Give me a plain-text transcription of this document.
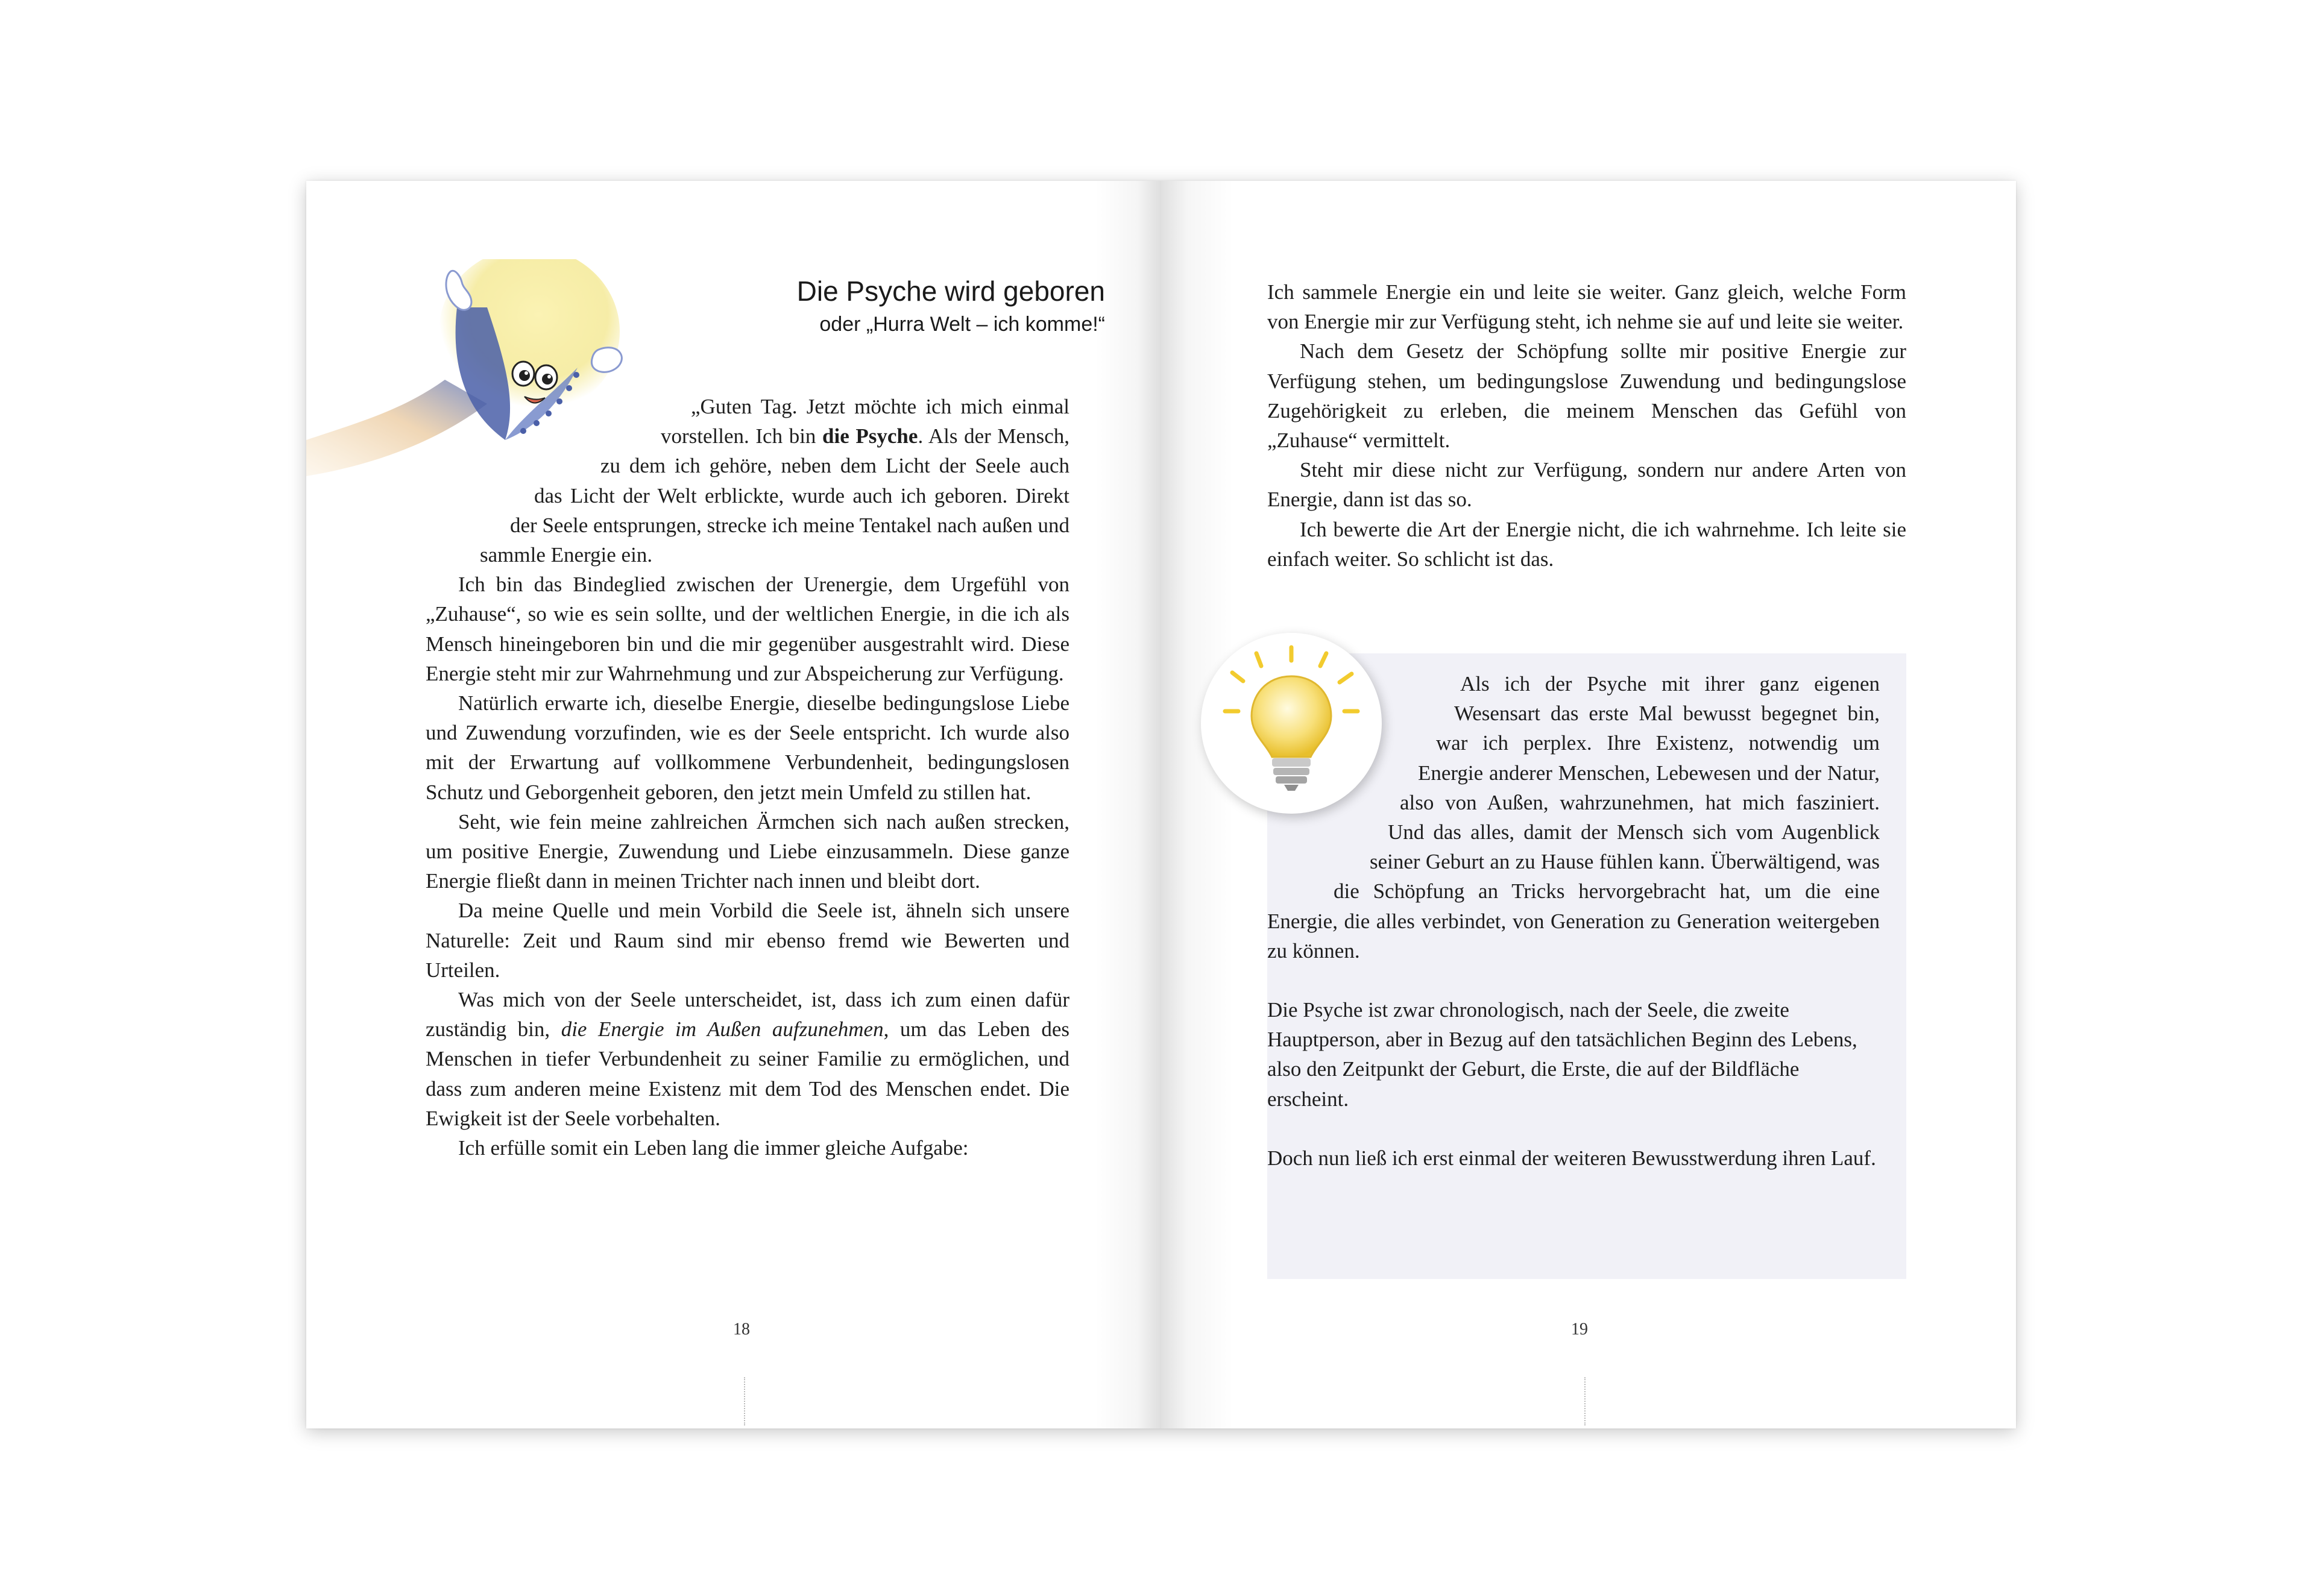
Die Psyche wird geboren
oder „Hurra Welt – ich komme!“

„Guten Tag. Jetzt möchte ich mich einmal vorstellen. Ich bin die Psyche. Als der Mensch, zu dem ich gehöre, neben dem Licht der Seele auch das Licht der Welt erblickte, wurde auch ich geboren. Direkt der Seele entsprungen, strecke ich meine Tentakel nach außen und sammle Energie ein.

Ich bin das Bindeglied zwischen der Urenergie, dem Urgefühl von „Zuhause“, so wie es sein sollte, und der weltlichen Energie, in die ich als Mensch hineingeboren bin und die mir gegenüber ausgestrahlt wird. Diese Energie steht mir zur Wahrnehmung und zur Abspeicherung zur Verfügung.

Natürlich erwarte ich, dieselbe Energie, dieselbe bedingungslose Liebe und Zuwendung vorzufinden, wie es der Seele entspricht. Ich wurde also mit der Erwartung auf vollkommene Verbundenheit, bedingungslosen Schutz und Geborgenheit geboren, den jetzt mein Umfeld zu stillen hat.

Seht, wie fein meine zahlreichen Ärmchen sich nach außen strecken, um positive Energie, Zuwendung und Liebe einzusammeln. Diese ganze Energie fließt dann in meinen Trichter nach innen und bleibt dort.

Da meine Quelle und mein Vorbild die Seele ist, ähneln sich unsere Naturelle: Zeit und Raum sind mir ebenso fremd wie Bewerten und Urteilen.

Was mich von der Seele unterscheidet, ist, dass ich zum einen dafür zuständig bin, die Energie im Außen aufzunehmen, um das Leben des Menschen in tiefer Verbundenheit zu seiner Familie zu ermöglichen, und dass zum anderen meine Existenz mit dem Tod des Menschen endet. Die Ewigkeit ist der Seele vorbehalten.

Ich erfülle somit ein Leben lang die immer gleiche Aufgabe:

18

Ich sammele Energie ein und leite sie weiter. Ganz gleich, welche Form von Energie mir zur Verfügung steht, ich nehme sie auf und leite sie weiter.

Nach dem Gesetz der Schöpfung sollte mir positive Energie zur Verfügung stehen, um bedingungslose Zuwendung und bedingungslose Zugehörigkeit zu erleben, die meinem Menschen das Gefühl von „Zuhause“ vermittelt.

Steht mir diese nicht zur Verfügung, sondern nur andere Arten von Energie, dann ist das so.

Ich bewerte die Art der Energie nicht, die ich wahrnehme. Ich leite sie einfach weiter. So schlicht ist das.

Als ich der Psyche mit ihrer ganz eigenen Wesensart das erste Mal bewusst begegnet bin, war ich perplex. Ihre Existenz, notwendig um Energie anderer Menschen, Lebewesen und der Natur, also von Außen, wahrzunehmen, hat mich fasziniert. Und das alles, damit der Mensch sich vom Augenblick seiner Geburt an zu Hause fühlen kann. Überwältigend, was die Schöpfung an Tricks hervorgebracht hat, um die eine Energie, die alles verbindet, von Generation zu Generation weitergeben zu können.

Die Psyche ist zwar chronologisch, nach der Seele, die zweite Hauptperson, aber in Bezug auf den tatsächlichen Beginn des Lebens, also den Zeitpunkt der Geburt, die Erste, die auf der Bildfläche erscheint.

Doch nun ließ ich erst einmal der weiteren Bewusstwerdung ihren Lauf.

19
